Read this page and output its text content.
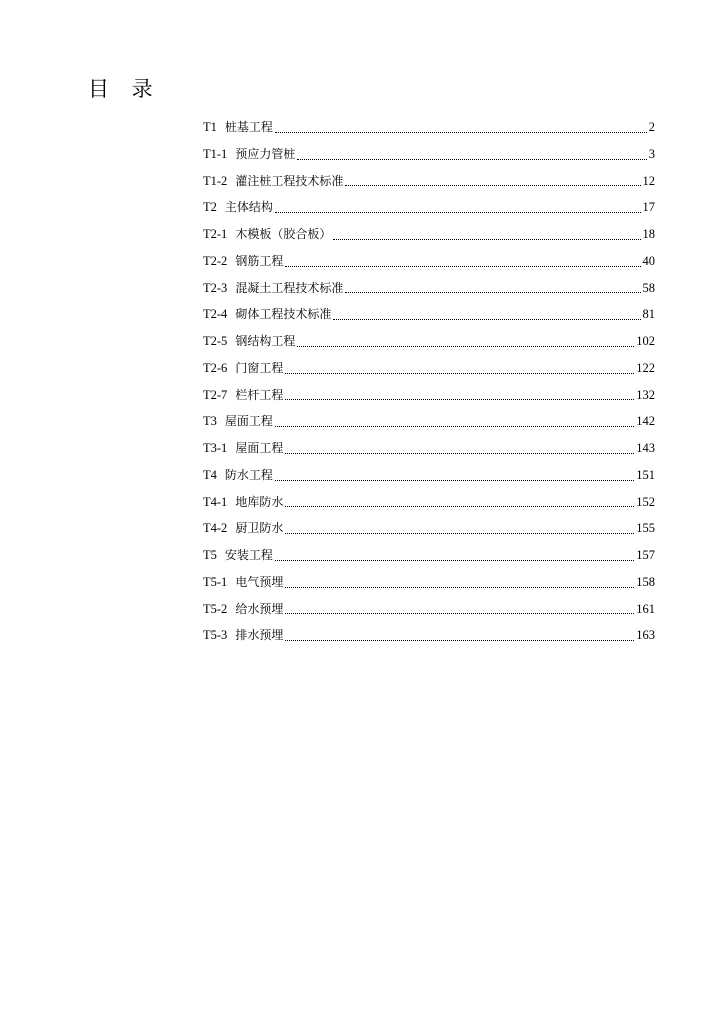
目 录
T1 桩基工程	2
T1-1 预应力管桩	3
T1-2 灌注桩工程技术标准	12
T2 主体结构	17
T2-1 木模板（胶合板）	18
T2-2 钢筋工程	40
T2-3 混凝土工程技术标准	58
T2-4 砌体工程技术标准	81
T2-5 钢结构工程	102
T2-6 门窗工程	122
T2-7 栏杆工程	132
T3 屋面工程	142
T3-1 屋面工程	143
T4 防水工程	151
T4-1 地库防水	152
T4-2 厨卫防水	155
T5 安装工程	157
T5-1 电气预埋	158
T5-2 给水预埋	161
T5-3 排水预埋	163
